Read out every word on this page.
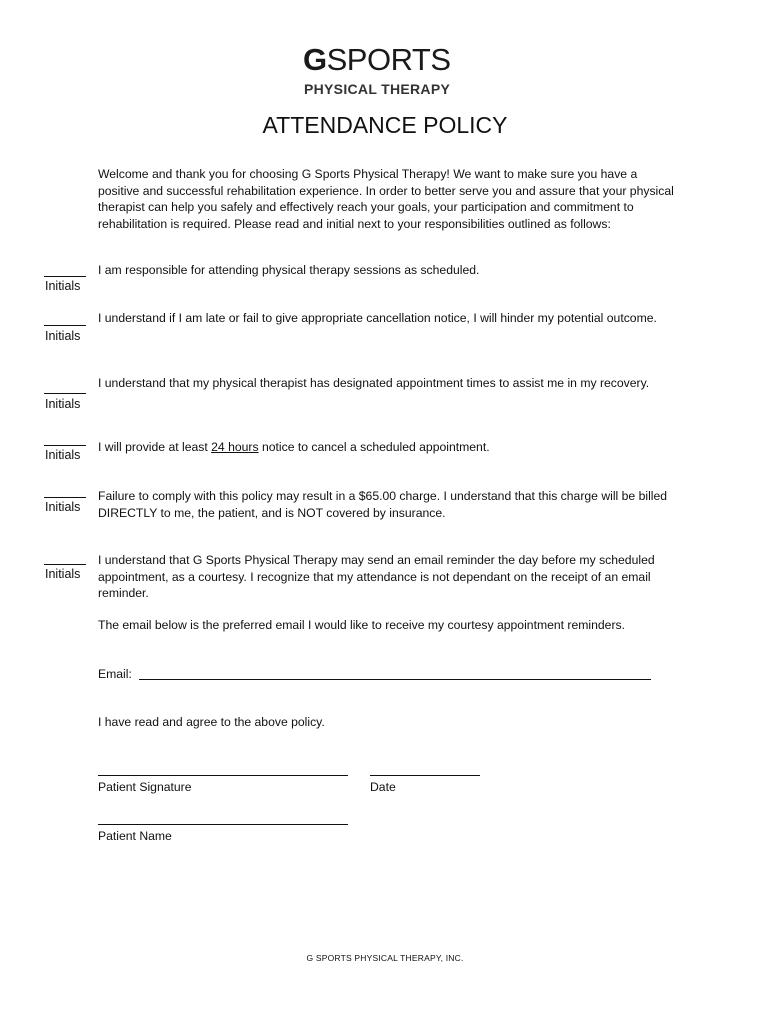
GSPORTS
PHYSICAL THERAPY
ATTENDANCE POLICY
Welcome and thank you for choosing G Sports Physical Therapy! We want to make sure you have a positive and successful rehabilitation experience. In order to better serve you and assure that your physical therapist can help you safely and effectively reach your goals, your participation and commitment to rehabilitation is required. Please read and initial next to your responsibilities outlined as follows:
Initials
I am responsible for attending physical therapy sessions as scheduled.
Initials
I understand if I am late or fail to give appropriate cancellation notice, I will hinder my potential outcome.
Initials
I understand that my physical therapist has designated appointment times to assist me in my recovery.
Initials
I will provide at least 24 hours notice to cancel a scheduled appointment.
Initials
Failure to comply with this policy may result in a $65.00 charge. I understand that this charge will be billed DIRECTLY to me, the patient, and is NOT covered by insurance.
Initials
I understand that G Sports Physical Therapy may send an email reminder the day before my scheduled appointment, as a courtesy. I recognize that my attendance is not dependant on the receipt of an email reminder.
The email below is the preferred email I would like to receive my courtesy appointment reminders.
Email:
I have read and agree to the above policy.
Patient Signature	Date
Patient Name
G SPORTS PHYSICAL THERAPY, INC.
